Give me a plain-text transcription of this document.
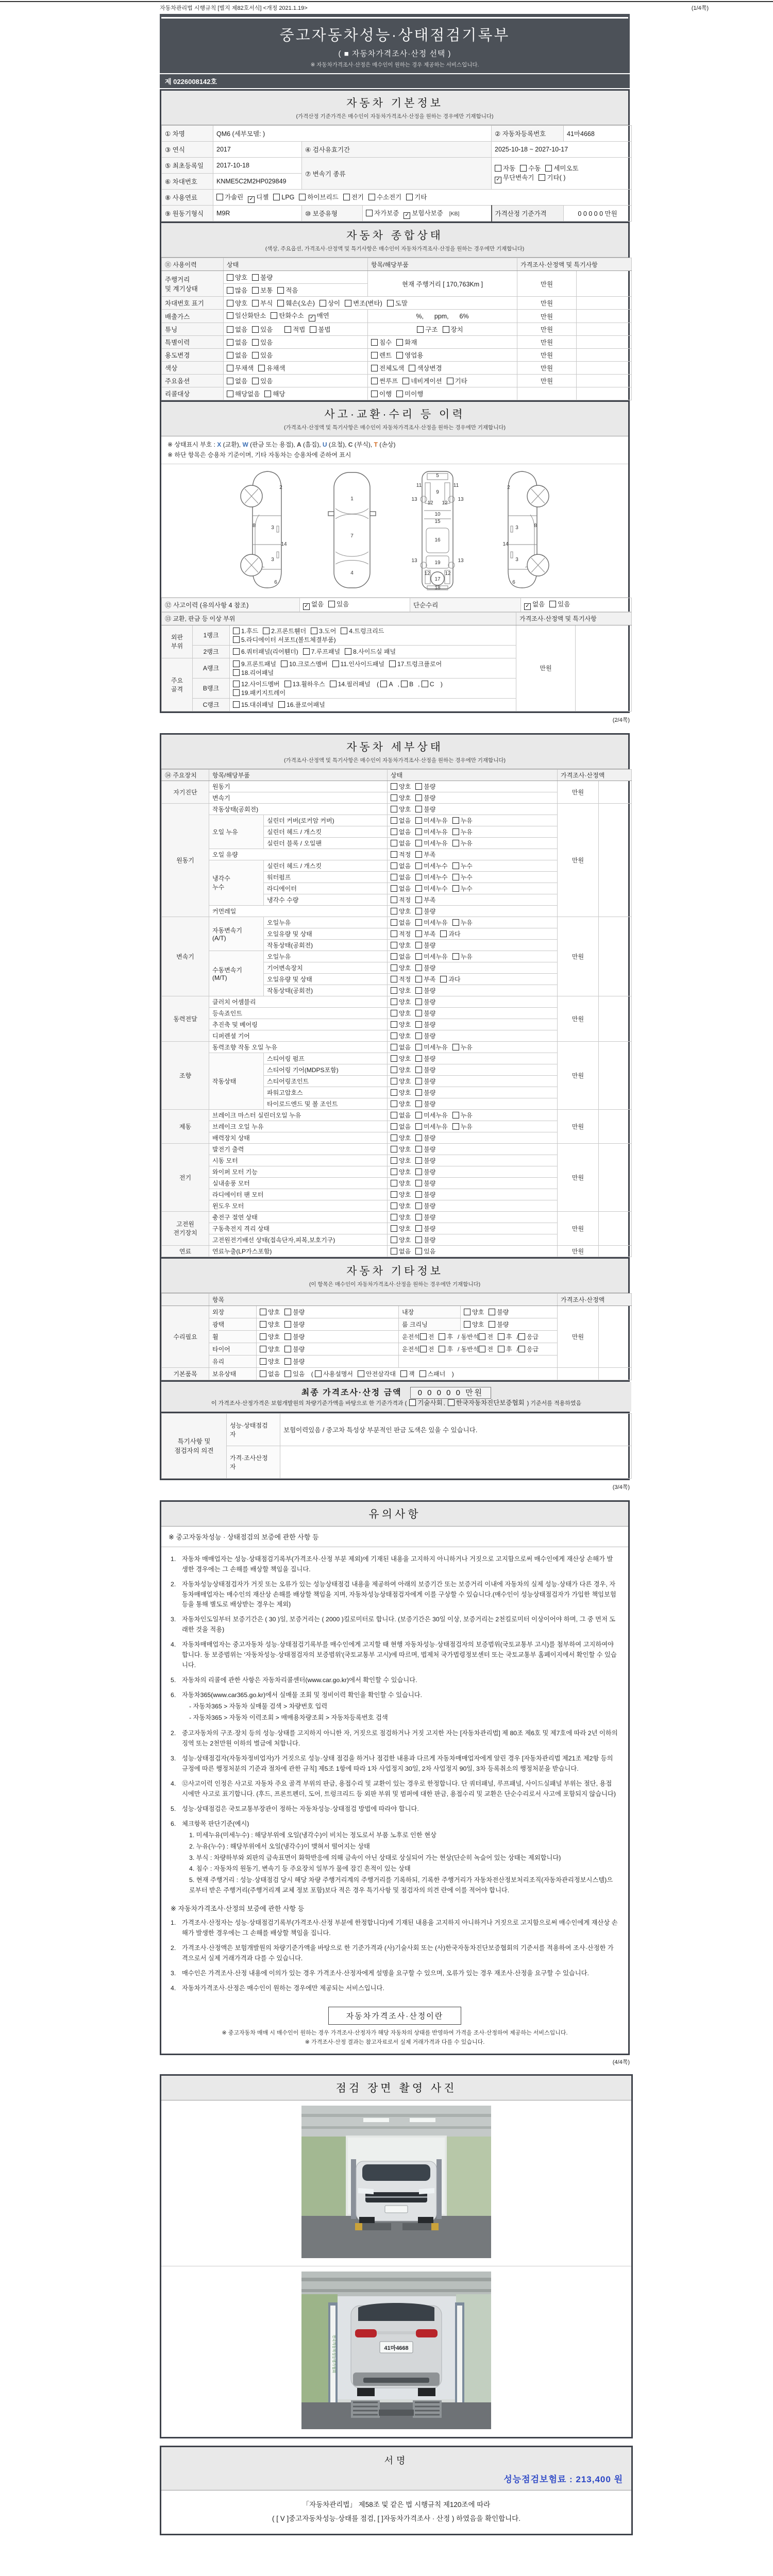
자동차관리법 시행규칙 [별지 제82호서식] <개정 2021.1.19>	(1/4쪽)
중고자동차성능·상태점검기록부
( ■ 자동차가격조사·산정 선택 )
※ 자동차가격조사·산정은 매수인이 원하는 경우 제공하는 서비스입니다.
제 0226008142호
자동차 기본정보
(가격산정 기준가격은 매수인이 자동차가격조사·산정을 원하는 경우에만 기재합니다)
① 차명	QM6 (세부모델: )			② 자동차등록번호	41마4668
③ 연식	2017	④ 검사유효기간		2025-10-18 ~ 2027-10-17	
⑤ 최초등록일	2017-10-18	⑦ 변속기 종류		자동 수동 세미오토
✓ 무단변속기 기타( )	
⑥ 차대번호	KNME5C2M2HP029849				
⑧ 사용연료	가솔린 ✓ 디젤 LPG 하이브리드 전기 수소전기 기타				
⑨ 원동기형식	M9R	⑩ 보증유형	자가보증 ✓ 보험사보증 [KB]	가격산정 기준가격	0 0 0 0 0 만원
자동차 종합상태
(색상, 주요옵션, 가격조사·산정액 및 특기사항은 매수인이 자동차가격조사·산정을 원하는 경우에만 기재합니다)
⑪ 사용이력	상태	항목/해당부품	가격조사·산정액 및 특기사항	
주행거리
및 계기상태	양호 불량	현재 주행거리 [ 170,763Km ]	만원	
	많음 보통 적음			
차대번호 표기	양호 부식 훼손(오손) 상이 변조(변타) 도말		만원	
배출가스	일산화탄소 탄화수소 ✓ 매연	%,      ppm,      6%	만원	
튜닝	없음 있음 적법 불법	구조 장치	만원	
특별이력	없음 있음	침수 화재	만원	
용도변경	없음 있음	렌트 영업용	만원	
색상	무채색 유채색	전체도색 색상변경	만원	
주요옵션	없음 있음	썬루프 네비게이션 기타	만원	
리콜대상	해당없음 해당	이행 미이행		
사고·교환·수리 등 이력
(가격조사·산정액 및 특기사항은 매수인이 자동차가격조사·산정을 원하는 경우에만 기재합니다)
※ 상태표시 부호 : X (교환), W (판금 또는 용접), A (흠집), U (요철), C (부식), T (손상)
※ 하단 항목은 승용차 기준이며, 기타 자동차는 승용차에 준하여 표시
2
8	3
14
3
6
1
7
4
5
11	11
13	13
12 12
9
10
15
16
19
13	13
12	12
17
18
2
8
3
14
3
6
⑫ 사고이력 (유의사항 4 참조)	✓ 없음 있음	단순수리	✓ 없음 있음
⑬ 교환, 판금 등 이상 부위			가격조사·산정액 및 특기사항	
외판
부위	1랭크	1.후드 2.프론트휀더 3.도어 4.트렁크리드
5.라디에이터 서포트(볼트체결부품)	만원	
	2랭크	6.쿼터패널(리어휀더) 7.루프패널 8.사이드실 패널		
주요
골격	A랭크	9.프론트패널 10.크로스멤버 11.인사이드패널 17.트렁크플로어
18.리어패널		
	B랭크	12.사이드멤버 13.휠하우스 14.필러패널 ( A , B , C )
19.패키지트레이		
	C랭크	15.대쉬패널 16.플로어패널		
(2/4쪽)
자동차 세부상태
(가격조사·산정액 및 특기사항은 매수인이 자동차가격조사·산정을 원하는 경우에만 기재합니다)
⑭ 주요장치	항목/해당부품		상태	가격조사·산정액	
자기진단	원동기		양호 불량	만원	
	변속기		양호 불량		
원동기	작동상태(공회전)		양호 불량	만원	
	오일 누유	실린더 커버(로커암 커버)	없음 미세누유 누유		
		실린더 헤드 / 개스킷	없음 미세누유 누유		
		실린더 블록 / 오일팬	없음 미세누유 누유		
	오일 유량		적정 부족		
	냉각수
누수	실린더 헤드 / 개스킷	없음 미세누수 누수		
		워터펌프	없음 미세누수 누수		
		라디에이터	없음 미세누수 누수		
		냉각수 수량	적정 부족		
	커먼레일		양호 불량		
변속기	자동변속기
(A/T)	오일누유	없음 미세누유 누유	만원	
		오일유량 및 상태	적정 부족 과다		
		작동상태(공회전)	양호 불량		
	수동변속기
(M/T)	오일누유	없음 미세누유 누유		
		기어변속장치	양호 불량		
		오일유량 및 상태	적정 부족 과다		
		작동상태(공회전)	양호 불량		
동력전달	클러치 어셈블리		양호 불량	만원	
	등속죠인트		양호 불량		
	추진축 및 베어링		양호 불량		
	디퍼렌셜 기어		양호 불량		
조향	동력조향 작동 오일 누유		없음 미세누유 누유	만원	
	작동상태	스티어링 펌프	양호 불량		
		스티어링 기어(MDPS포함)	양호 불량		
		스티어링조인트	양호 불량		
		파워고압호스	양호 불량		
		타이로드엔드 및 볼 조인트	양호 불량		
제동	브레이크 마스터 실린더오일 누유		없음 미세누유 누유	만원	
	브레이크 오일 누유		없음 미세누유 누유		
	배력장치 상태		양호 불량		
전기	발전기 출력		양호 불량	만원	
	시동 모터		양호 불량		
	와이퍼 모터 기능		양호 불량		
	실내송풍 모터		양호 불량		
	라디에이터 팬 모터		양호 불량		
	윈도우 모터		양호 불량		
고전원
전기장치	충전구 절연 상태		양호 불량	만원	
	구동축전지 격리 상태		양호 불량		
	고전원전기배선 상태(접속단자,피복,보호기구)		양호 불량		
연료	연료누출(LP가스포함)		없음 있음	만원	
자동차 기타정보
(이 항목은 매수인이 자동차가격조사·산정을 원하는 경우에만 기재합니다)
	항목				가격조사·산정액	
수리필요	외장	양호 불량	내장	양호 불량	만원	
	광택	양호 불량	룸 크리닝	양호 불량		
	휠	양호 불량	운전석 전 후 / 동반석 전 후 / 응급			
	타이어	양호 불량	운전석 전 후 / 동반석 전 후 / 응급			
	유리	양호 불량				
기본품목	보유상태	없음 있음 ( 사용설명서 안전삼각대 잭 스패너 )				
최종 가격조사·산정 금액 0 0 0 0 0 만원
이 가격조사·산정가격은 보험개발원의 차량기준가액을 바탕으로 한 기준가격과 ( 기술사회 , 한국자동차진단보증협회 ) 기준서를 적용하였음
특기사항 및
점검자의 의견	성능·상태점검
자	보험이력있음 / 중고차 특성상 부분적인 판금 도색은 있을 수 있습니다.
	가격·조사산정
자	
(3/4쪽)
유의사항
※ 중고자동차성능 · 상태점검의 보증에 관한 사항 등
1. 자동차 매매업자는 성능·상태점검기록부(가격조사·산정 부분 제외)에 기재된 내용을 고지하지 아니하거나 거짓으로 고지함으로써 매수인에게 재산상 손해가 발생한 경우에는 그 손해를 배상할 책임을 집니다.
2. 자동차성능상태점검자가 거짓 또는 오류가 있는 성능상태점검 내용을 제공하여 아래의 보증기간 또는 보증거리 이내에 자동차의 실제 성능·상태가 다른 경우, 자동차매매업자는 매수인의 재산상 손해를 배상할 책임을 지며, 자동차성능상태점검자에게 이를 구상할 수 있습니다.(매수인이 성능상태점검자가 가입한 책임보험 등을 통해 별도로 배상받는 경우는 제외)
3. 자동차인도일부터 보증기간은 ( 30 )일, 보증거리는 ( 2000 )킬로미터로 합니다. (보증기간은 30일 이상, 보증거리는 2천킬로미터 이상이어야 하며, 그 중 먼저 도래한 것을 적용)
4. 자동차매매업자는 중고자동차 성능·상태점검기록부를 매수인에게 고지할 때 현행 자동차성능·상태점검자의 보증범위(국토교통부 고시)를 첨부하여 고지하여야 합니다. 동 보증범위는 '자동차성능·상태점검자의 보증범위'(국토교통부 고시)에 따르며, 법제처 국가법령정보센터 또는 국토교통부 홈페이지에서 확인할 수 있습니다.
5. 자동차의 리콜에 관한 사항은 자동차리콜센터(www.car.go.kr)에서 확인할 수 있습니다.
6. 자동차365(www.car365.go.kr)에서 실매물 조회 및 정비이력 확인을 확인할 수 있습니다.
- 자동차365 > 자동차 실매물 검색 > 차량번호 입력
- 자동차365 > 자동차 이력조회 > 매매용차량조회 > 자동차등록번호 검색
2. 중고자동차의 구조·장치 등의 성능·상태를 고지하지 아니한 자, 거짓으로 점검하거나 거짓 고지한 자는 [자동차관리법] 제 80조 제6호 및 제7호에 따라 2년 이하의 징역 또는 2천만원 이하의 벌금에 처합니다.
3. 성능·상태점검자(자동차정비업자)가 거짓으로 성능·상태 점검을 하거나 점검한 내용과 다르게 자동차매매업자에게 알린 경우 [자동차관리법 제21조 제2항 등의 규정에 따른 행정처분의 기준과 절차에 관한 규칙] 제5조 1항에 따라 1차 사업정지 30일, 2차 사업정지 90일, 3차 등록취소의 행정처분을 받습니다.
4. ⑫사고이력 인정은 사고로 자동차 주요 골격 부위의 판금, 용접수리 및 교환이 있는 경우로 한정합니다. 단 쿼터패널, 루프패널, 사이드실패널 부위는 절단, 용접 시에만 사고로 표기합니다. (후드, 프론트펜더, 도어, 트렁크리드 등 외판 부위 및 범퍼에 대한 판금, 용접수리 및 교환은 단순수리로서 사고에 포함되지 않습니다)
5. 성능·상태점검은 국토교통부장관이 정하는 자동차성능·상태점검 방법에 따라야 합니다.
6. 체크항목 판단기준(예시)
1. 미세누유(미세누수) : 해당부위에 오일(냉각수)이 비치는 정도로서 부품 노후로 인한 현상
2. 누유(누수) : 해당부위에서 오일(냉각수)이 맺혀서 떨어지는 상태
3. 부식 : 차량하부와 외판의 금속표면이 화학반응에 의해 금속이 아닌 상태로 상실되어 가는 현상(단순히 녹슬어 있는 상태는 제외합니다)
4. 침수 : 자동차의 원동기, 변속기 등 주요장치 일부가 물에 잠긴 흔적이 있는 상태
5. 현재 주행거리 : 성능·상태점검 당시 해당 차량 주행거리계의 주행거리를 기록하되, 기록한 주행거리가 자동차전산정보처리조직(자동차관리정보시스템)으로부터 받은 주행거리(주행거리계 교체 정보 포함)보다 적은 경우 특기사항 및 점검자의 의견 란에 이를 적어야 합니다.
※ 자동차가격조사·산정의 보증에 관한 사항 등
1. 가격조사·산정자는 성능·상태점검기록부(가격조사·산정 부분에 한정합니다)에 기재된 내용을 고지하지 아니하거나 거짓으로 고지함으로써 매수인에게 재산상 손해가 발생한 경우에는 그 손해를 배상할 책임을 집니다.
2. 가격조사·산정액은 보험개발원의 차량기준가액을 바탕으로 한 기준가격과 (사)기술사회 또는 (사)한국자동차진단보증협회의 기준서를 적용하여 조사·산정한 가격으로서 실제 거래가격과 다를 수 있습니다.
3. 매수인은 가격조사·산정 내용에 이의가 있는 경우 가격조사·산정자에게 설명을 요구할 수 있으며, 오류가 있는 경우 재조사·산정을 요구할 수 있습니다.
4. 자동차가격조사·산정은 매수인이 원하는 경우에만 제공되는 서비스입니다.
자동차가격조사·산정이란
※ 중고자동차 매매 시 매수인이 원하는 경우 가격조사·산정자가 해당 자동차의 상태를 반영하여 가격을 조사·산정하여 제공하는 서비스입니다.
※ 가격조사·산정 결과는 참고자료로서 실제 거래가격과 다를 수 있습니다.
(4/4쪽)
점검 장면 촬영 사진
전국자동차성능평가협회	41마4668
서명
성능점검보험료 : 213,400 원
「자동차관리법」 제58조 및 같은 법 시행규칙 제120조에 따라
( [ V ]중고자동차성능·상태를 점검, [ ]자동차가격조사 · 산정 ) 하였음을 확인합니다.
